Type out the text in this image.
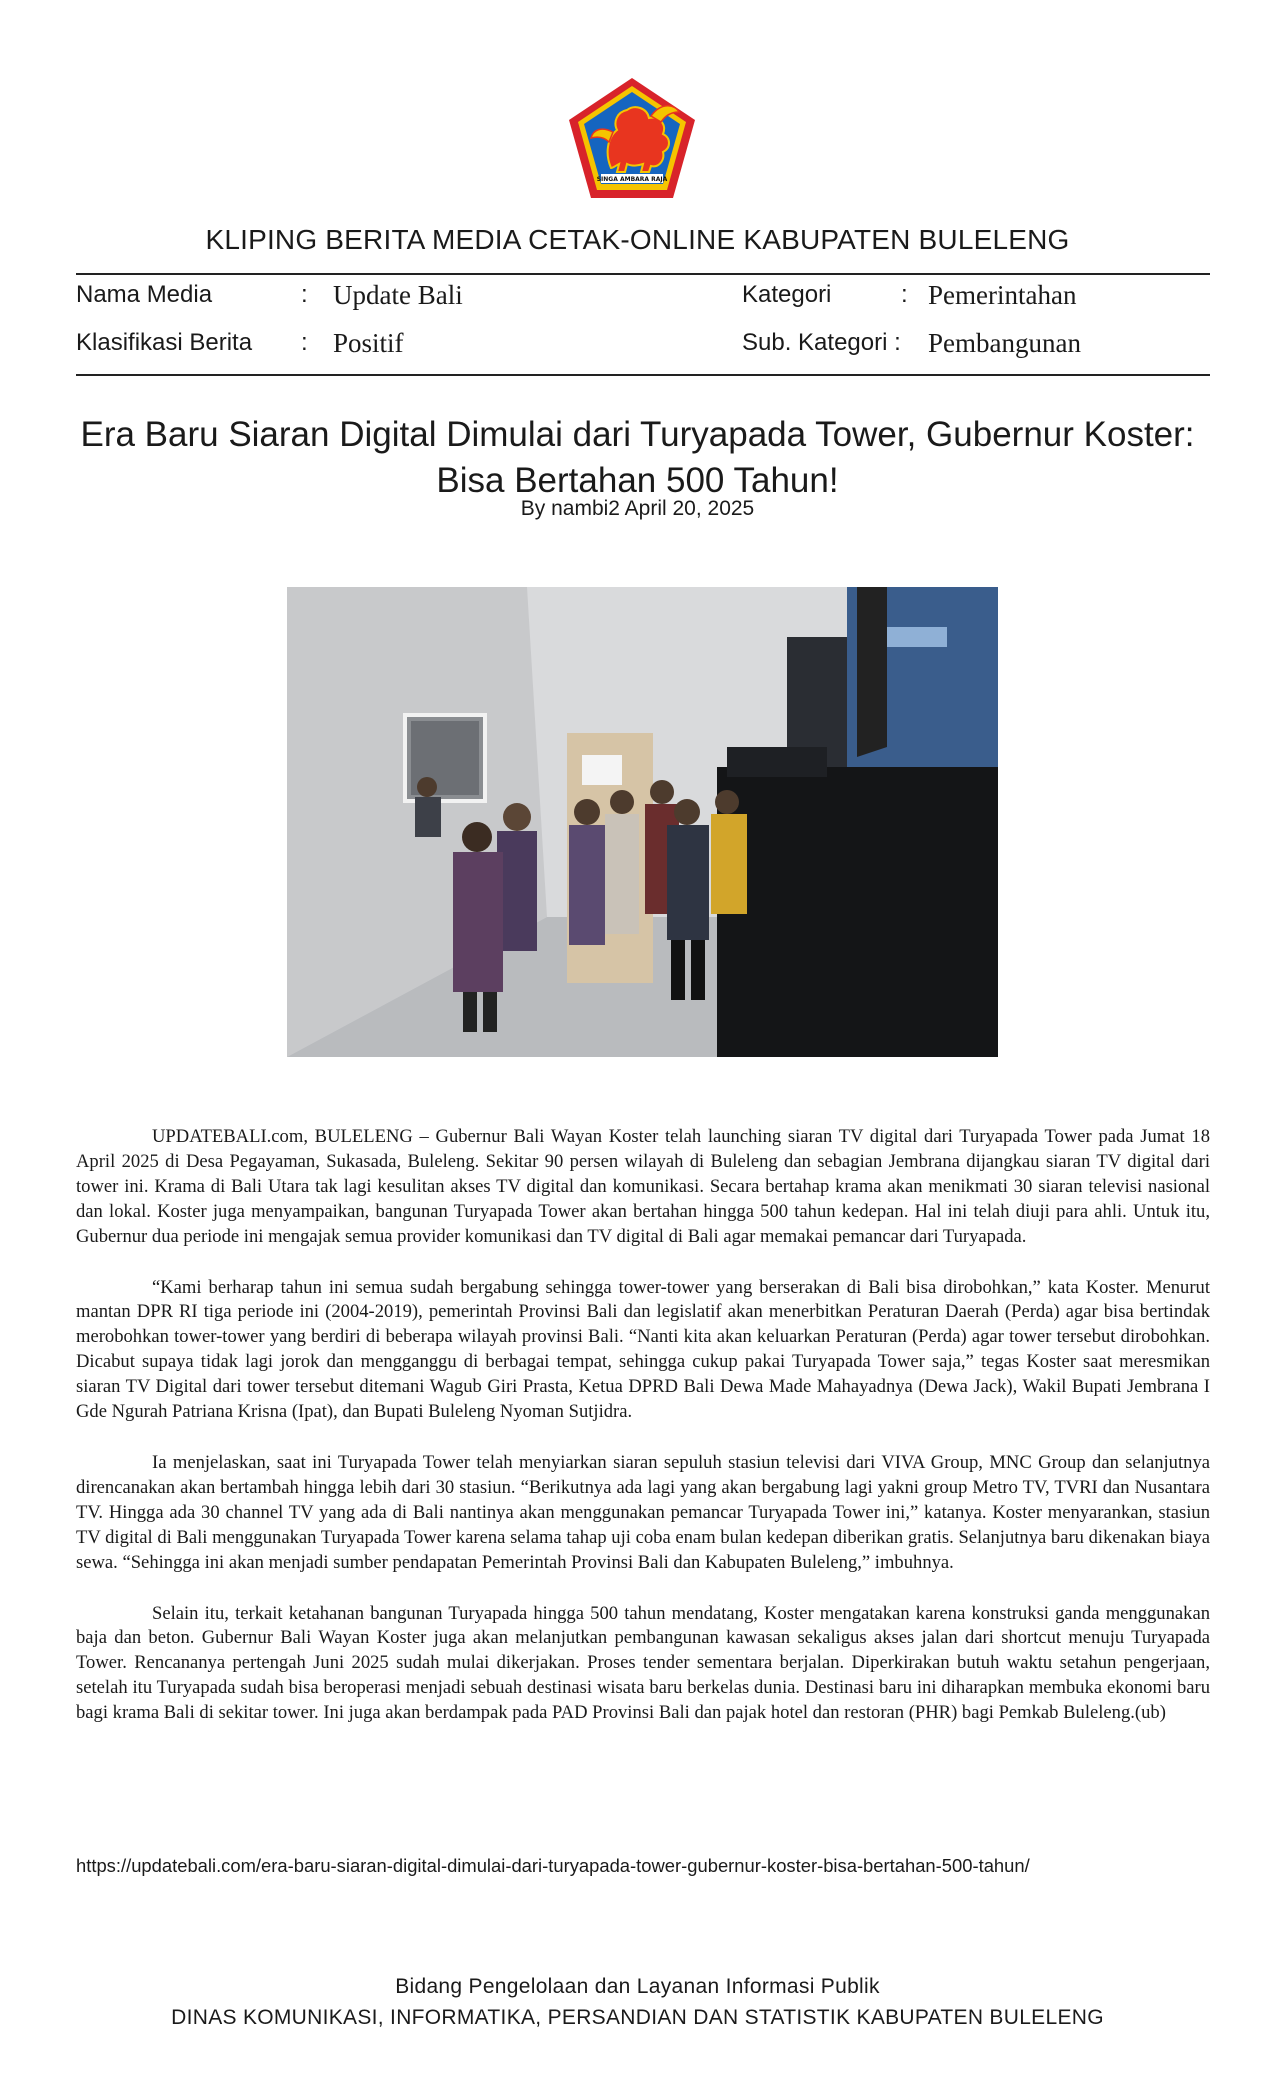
SINGA AMBARA RAJA
KLIPING BERITA MEDIA CETAK-ONLINE KABUPATEN BULELENG
Nama Media	: Update Bali	Kategori	: Pemerintahan
Klasifikasi Berita : Positif	Sub. Kategori : Pembangunan
Era Baru Siaran Digital Dimulai dari Turyapada Tower, Gubernur Koster: Bisa Bertahan 500 Tahun!
By nambi2 April 20, 2025

UPDATEBALI.com, BULELENG – Gubernur Bali Wayan Koster telah launching siaran TV digital dari Turyapada Tower pada Jumat 18 April 2025 di Desa Pegayaman, Sukasada, Buleleng. Sekitar 90 persen wilayah di Buleleng dan sebagian Jembrana dijangkau siaran TV digital dari tower ini. Krama di Bali Utara tak lagi kesulitan akses TV digital dan komunikasi. Secara bertahap krama akan menikmati 30 siaran televisi nasional dan lokal. Koster juga menyampaikan, bangunan Turyapada Tower akan bertahan hingga 500 tahun kedepan. Hal ini telah diuji para ahli. Untuk itu, Gubernur dua periode ini mengajak semua provider komunikasi dan TV digital di Bali agar memakai pemancar dari Turyapada.

“Kami berharap tahun ini semua sudah bergabung sehingga tower-tower yang berserakan di Bali bisa dirobohkan,” kata Koster. Menurut mantan DPR RI tiga periode ini (2004-2019), pemerintah Provinsi Bali dan legislatif akan menerbitkan Peraturan Daerah (Perda) agar bisa bertindak merobohkan tower-tower yang berdiri di beberapa wilayah provinsi Bali. “Nanti kita akan keluarkan Peraturan (Perda) agar tower tersebut dirobohkan. Dicabut supaya tidak lagi jorok dan mengganggu di berbagai tempat, sehingga cukup pakai Turyapada Tower saja,” tegas Koster saat meresmikan siaran TV Digital dari tower tersebut ditemani Wagub Giri Prasta, Ketua DPRD Bali Dewa Made Mahayadnya (Dewa Jack), Wakil Bupati Jembrana I Gde Ngurah Patriana Krisna (Ipat), dan Bupati Buleleng Nyoman Sutjidra.

Ia menjelaskan, saat ini Turyapada Tower telah menyiarkan siaran sepuluh stasiun televisi dari VIVA Group, MNC Group dan selanjutnya direncanakan akan bertambah hingga lebih dari 30 stasiun. “Berikutnya ada lagi yang akan bergabung lagi yakni group Metro TV, TVRI dan Nusantara TV. Hingga ada 30 channel TV yang ada di Bali nantinya akan menggunakan pemancar Turyapada Tower ini,” katanya. Koster menyarankan, stasiun TV digital di Bali menggunakan Turyapada Tower karena selama tahap uji coba enam bulan kedepan diberikan gratis. Selanjutnya baru dikenakan biaya sewa. “Sehingga ini akan menjadi sumber pendapatan Pemerintah Provinsi Bali dan Kabupaten Buleleng,” imbuhnya.

Selain itu, terkait ketahanan bangunan Turyapada hingga 500 tahun mendatang, Koster mengatakan karena konstruksi ganda menggunakan baja dan beton. Gubernur Bali Wayan Koster juga akan melanjutkan pembangunan kawasan sekaligus akses jalan dari shortcut menuju Turyapada Tower. Rencananya pertengah Juni 2025 sudah mulai dikerjakan. Proses tender sementara berjalan. Diperkirakan butuh waktu setahun pengerjaan, setelah itu Turyapada sudah bisa beroperasi menjadi sebuah destinasi wisata baru berkelas dunia. Destinasi baru ini diharapkan membuka ekonomi baru bagi krama Bali di sekitar tower. Ini juga akan berdampak pada PAD Provinsi Bali dan pajak hotel dan restoran (PHR) bagi Pemkab Buleleng.(ub)

https://updatebali.com/era-baru-siaran-digital-dimulai-dari-turyapada-tower-gubernur-koster-bisa-bertahan-500-tahun/
Bidang Pengelolaan dan Layanan Informasi Publik
DINAS KOMUNIKASI, INFORMATIKA, PERSANDIAN DAN STATISTIK KABUPATEN BULELENG
